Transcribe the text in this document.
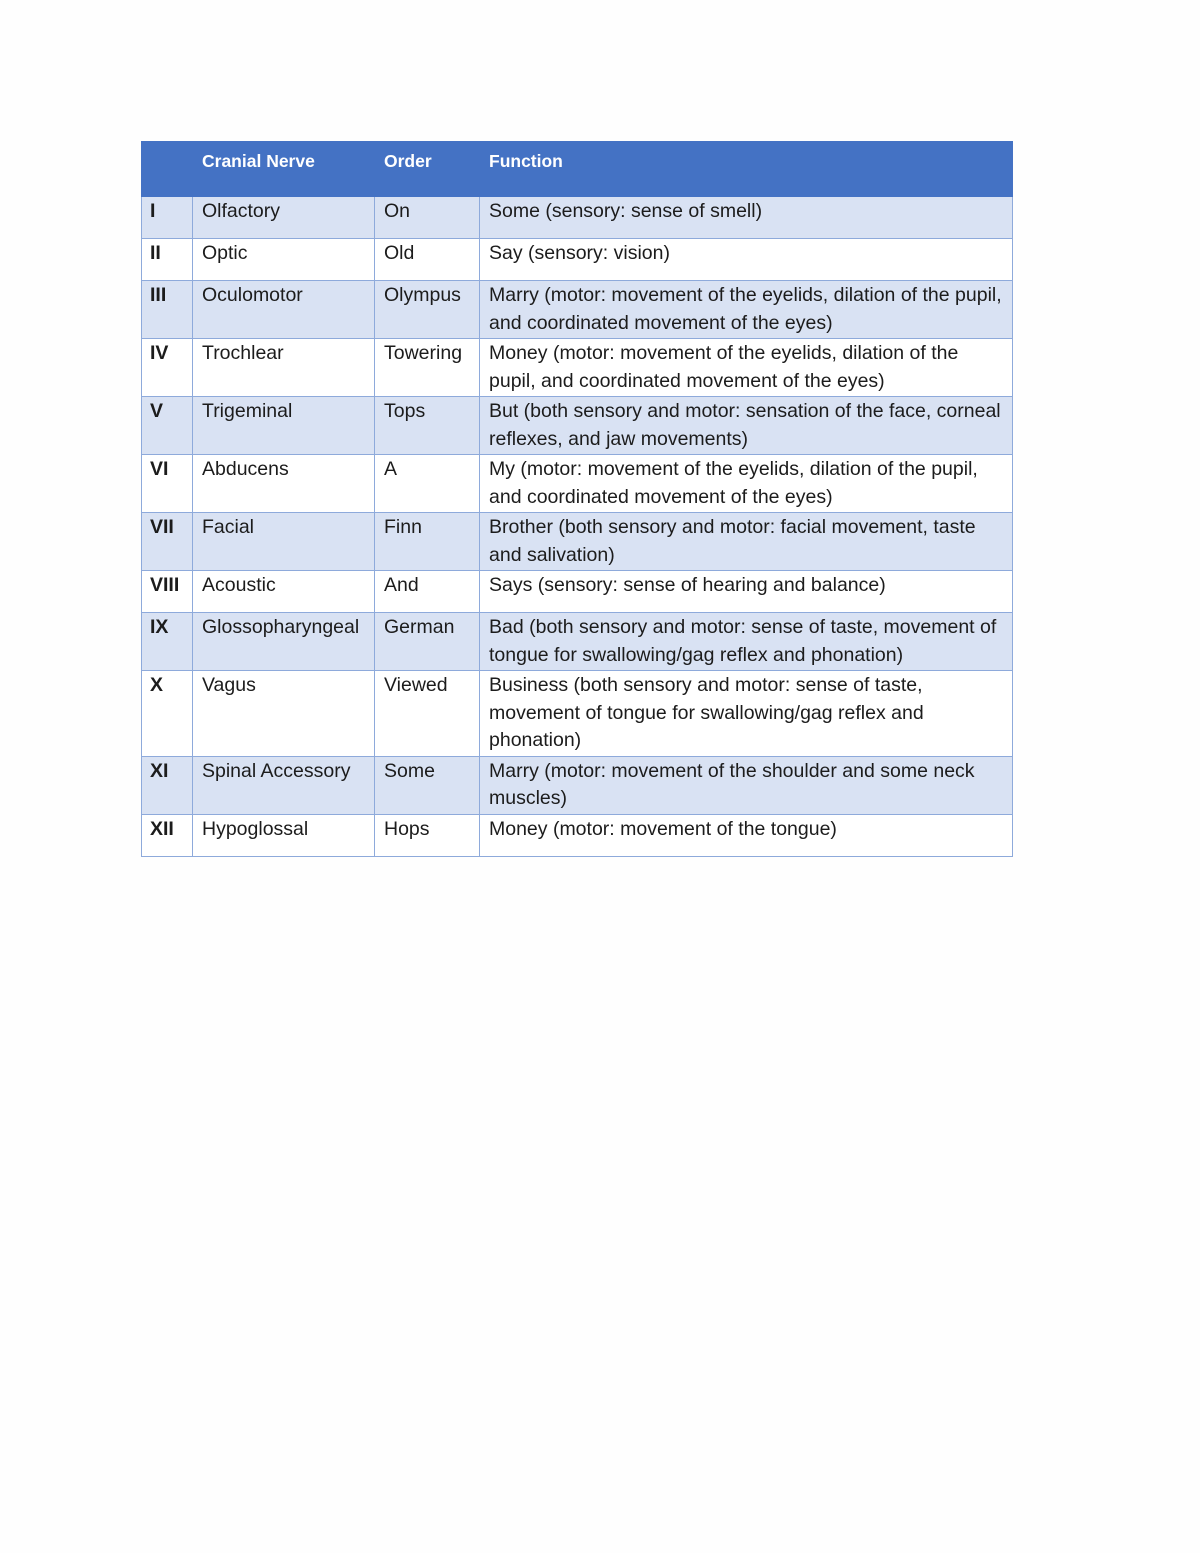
	Cranial Nerve	Order	Function
I	Olfactory	On	Some (sensory: sense of smell)
II	Optic	Old	Say (sensory: vision)
III	Oculomotor	Olympus	Marry (motor: movement of the eyelids, dilation of the pupil, and coordinated movement of the eyes)
IV	Trochlear	Towering	Money (motor: movement of the eyelids, dilation of the pupil, and coordinated movement of the eyes)
V	Trigeminal	Tops	But (both sensory and motor: sensation of the face, corneal reflexes, and jaw movements)
VI	Abducens	A	My (motor: movement of the eyelids, dilation of the pupil, and coordinated movement of the eyes)
VII	Facial	Finn	Brother (both sensory and motor: facial movement, taste and salivation)
VIII	Acoustic	And	Says (sensory: sense of hearing and balance)
IX	Glossopharyngeal	German	Bad (both sensory and motor: sense of taste, movement of tongue for swallowing/gag reflex and phonation)
X	Vagus	Viewed	Business (both sensory and motor: sense of taste, movement of tongue for swallowing/gag reflex and phonation)
XI	Spinal Accessory	Some	Marry (motor: movement of the shoulder and some neck muscles)
XII	Hypoglossal	Hops	Money (motor: movement of the tongue)
